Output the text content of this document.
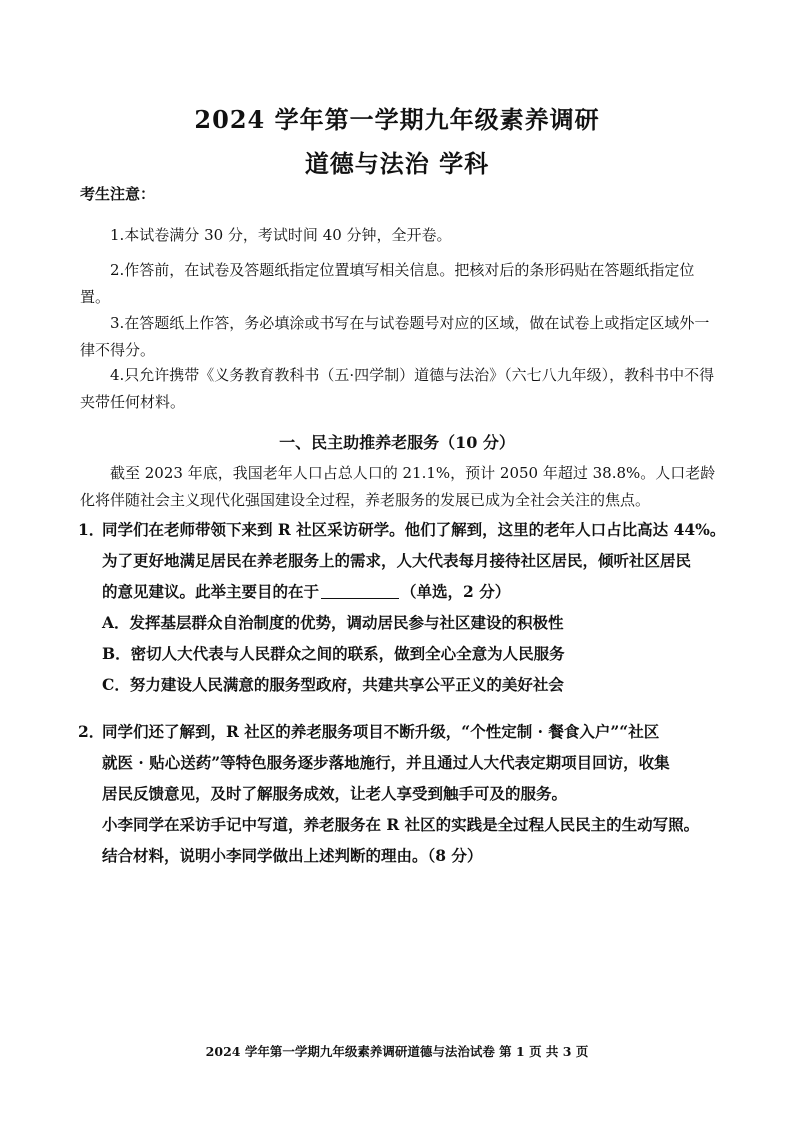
2024 学年第一学期九年级素养调研
道德与法治 学科
考生注意：
1.本试卷满分 30 分，考试时间 40 分钟，全开卷。
2.作答前，在试卷及答题纸指定位置填写相关信息。把核对后的条形码贴在答题纸指定位置。
3.在答题纸上作答，务必填涂或书写在与试卷题号对应的区域，做在试卷上或指定区域外一律不得分。
4.只允许携带《义务教育教科书（五·四学制）道德与法治》（六七八九年级），教科书中不得夹带任何材料。
一、民主助推养老服务（10 分）
截至 2023 年底，我国老年人口占总人口的 21.1%，预计 2050 年超过 38.8%。人口老龄化将伴随社会主义现代化强国建设全过程，养老服务的发展已成为全社会关注的焦点。
1．同学们在老师带领下来到 R 社区采访研学。他们了解到，这里的老年人口占比高达 44%。
为了更好地满足居民在养老服务上的需求，人大代表每月接待社区居民，倾听社区居民
的意见建议。此举主要目的在于	（单选，2 分）
A．发挥基层群众自治制度的优势，调动居民参与社区建设的积极性
B．密切人大代表与人民群众之间的联系，做到全心全意为人民服务
C．努力建设人民满意的服务型政府，共建共享公平正义的美好社会
2．同学们还了解到，R 社区的养老服务项目不断升级，“个性定制 · 餐食入户”“社区
就医 · 贴心送药”等特色服务逐步落地施行，并且通过人大代表定期项目回访，收集
居民反馈意见，及时了解服务成效，让老人享受到触手可及的服务。
小李同学在采访手记中写道，养老服务在 R 社区的实践是全过程人民民主的生动写照。
结合材料，说明小李同学做出上述判断的理由。（8 分）
2024 学年第一学期九年级素养调研道德与法治试卷 第 1 页 共 3 页
